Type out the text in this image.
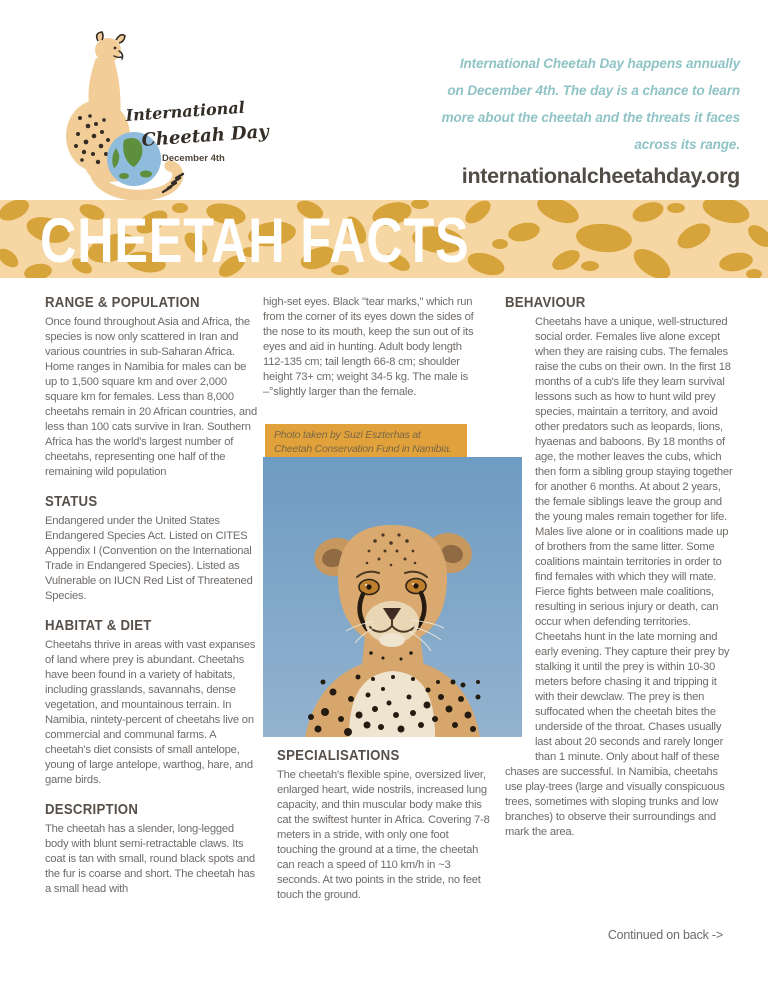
International
Cheetah Day
December 4th

International Cheetah Day happens annually on December 4th. The day is a chance to learn more about the cheetah and the threats it faces across its range.

internationalcheetahday.org
CHEETAH FACTS
RANGE & POPULATION

Once found throughout Asia and Africa, the species is now only scattered in Iran and various countries in sub-Saharan Africa. Home ranges in Namibia for males can be up to 1,500 square km and over 2,000 square km for females. Less than 8,000 cheetahs remain in 20 African countries, and less than 100 cats survive in Iran. Southern Africa has the world's largest number of cheetahs, representing one half of the remaining wild population

STATUS

Endangered under the United States Endangered Species Act. Listed on CITES Appendix I (Convention on the International Trade in Endangered Species). Listed as Vulnerable on IUCN Red List of Threatened Species.

HABITAT & DIET

Cheetahs thrive in areas with vast expanses of land where prey is abundant. Cheetahs have been found in a variety of habitats, including grasslands, savannahs, dense vegetation, and mountainous terrain. In Namibia, nintety-percent of cheetahs live on commercial and communal farms. A cheetah's diet consists of small antelope, young of large antelope, warthog, hare, and game birds.

DESCRIPTION

The cheetah has a slender, long-legged body with blunt semi-retractable claws. Its coat is tan with small, round black spots and the fur is coarse and short. The cheetah has a small head with

high-set eyes. Black "tear marks," which run from the corner of its eyes down the sides of the nose to its mouth, keep the sun out of its eyes and aid in hunting. Adult body length 112-135 cm; tail length 66-8 cm; shoulder height 73+ cm; weight 34-5 kg. The male is –°slightly larger than the female.

Photo taken by Suzi Eszterhas at Cheetah Conservation Fund in Namibia.
SPECIALISATIONS

The cheetah's flexible spine, oversized liver, enlarged heart, wide nostrils, increased lung capacity, and thin muscular body make this cat the swiftest hunter in Africa. Covering 7-8 meters in a stride, with only one foot touching the ground at a time, the cheetah can reach a speed of 110 km/h in ~3 seconds. At two points in the stride, no feet touch the ground.

BEHAVIOUR

Cheetahs have a unique, well-structured social order. Females live alone except when they are raising cubs. The females raise the cubs on their own. In the first 18 months of a cub's life they learn survival lessons such as how to hunt wild prey species, maintain a territory, and avoid other predators such as leopards, lions, hyaenas and baboons. By 18 months of age, the mother leaves the cubs, which then form a sibling group staying together for another 6 months. At about 2 years, the female siblings leave the group and the young males remain together for life. Males live alone or in coalitions made up of brothers from the same litter. Some coalitions maintain territories in order to find females with which they will mate. Fierce fights between male coalitions, resulting in serious injury or death, can occur when defending territories. Cheetahs hunt in the late morning and early evening. They capture their prey by stalking it until the prey is within 10-30 meters before chasing it and tripping it with their dewclaw. The prey is then suffocated when the cheetah bites the underside of the throat. Chases usually last about 20 seconds and rarely longer than 1 minute. Only about half of these chases are successful. In Namibia, cheetahs use play-trees (large and visually conspicuous trees, sometimes with sloping trunks and low branches) to observe their surroundings and mark the area.

Continued on back ->
